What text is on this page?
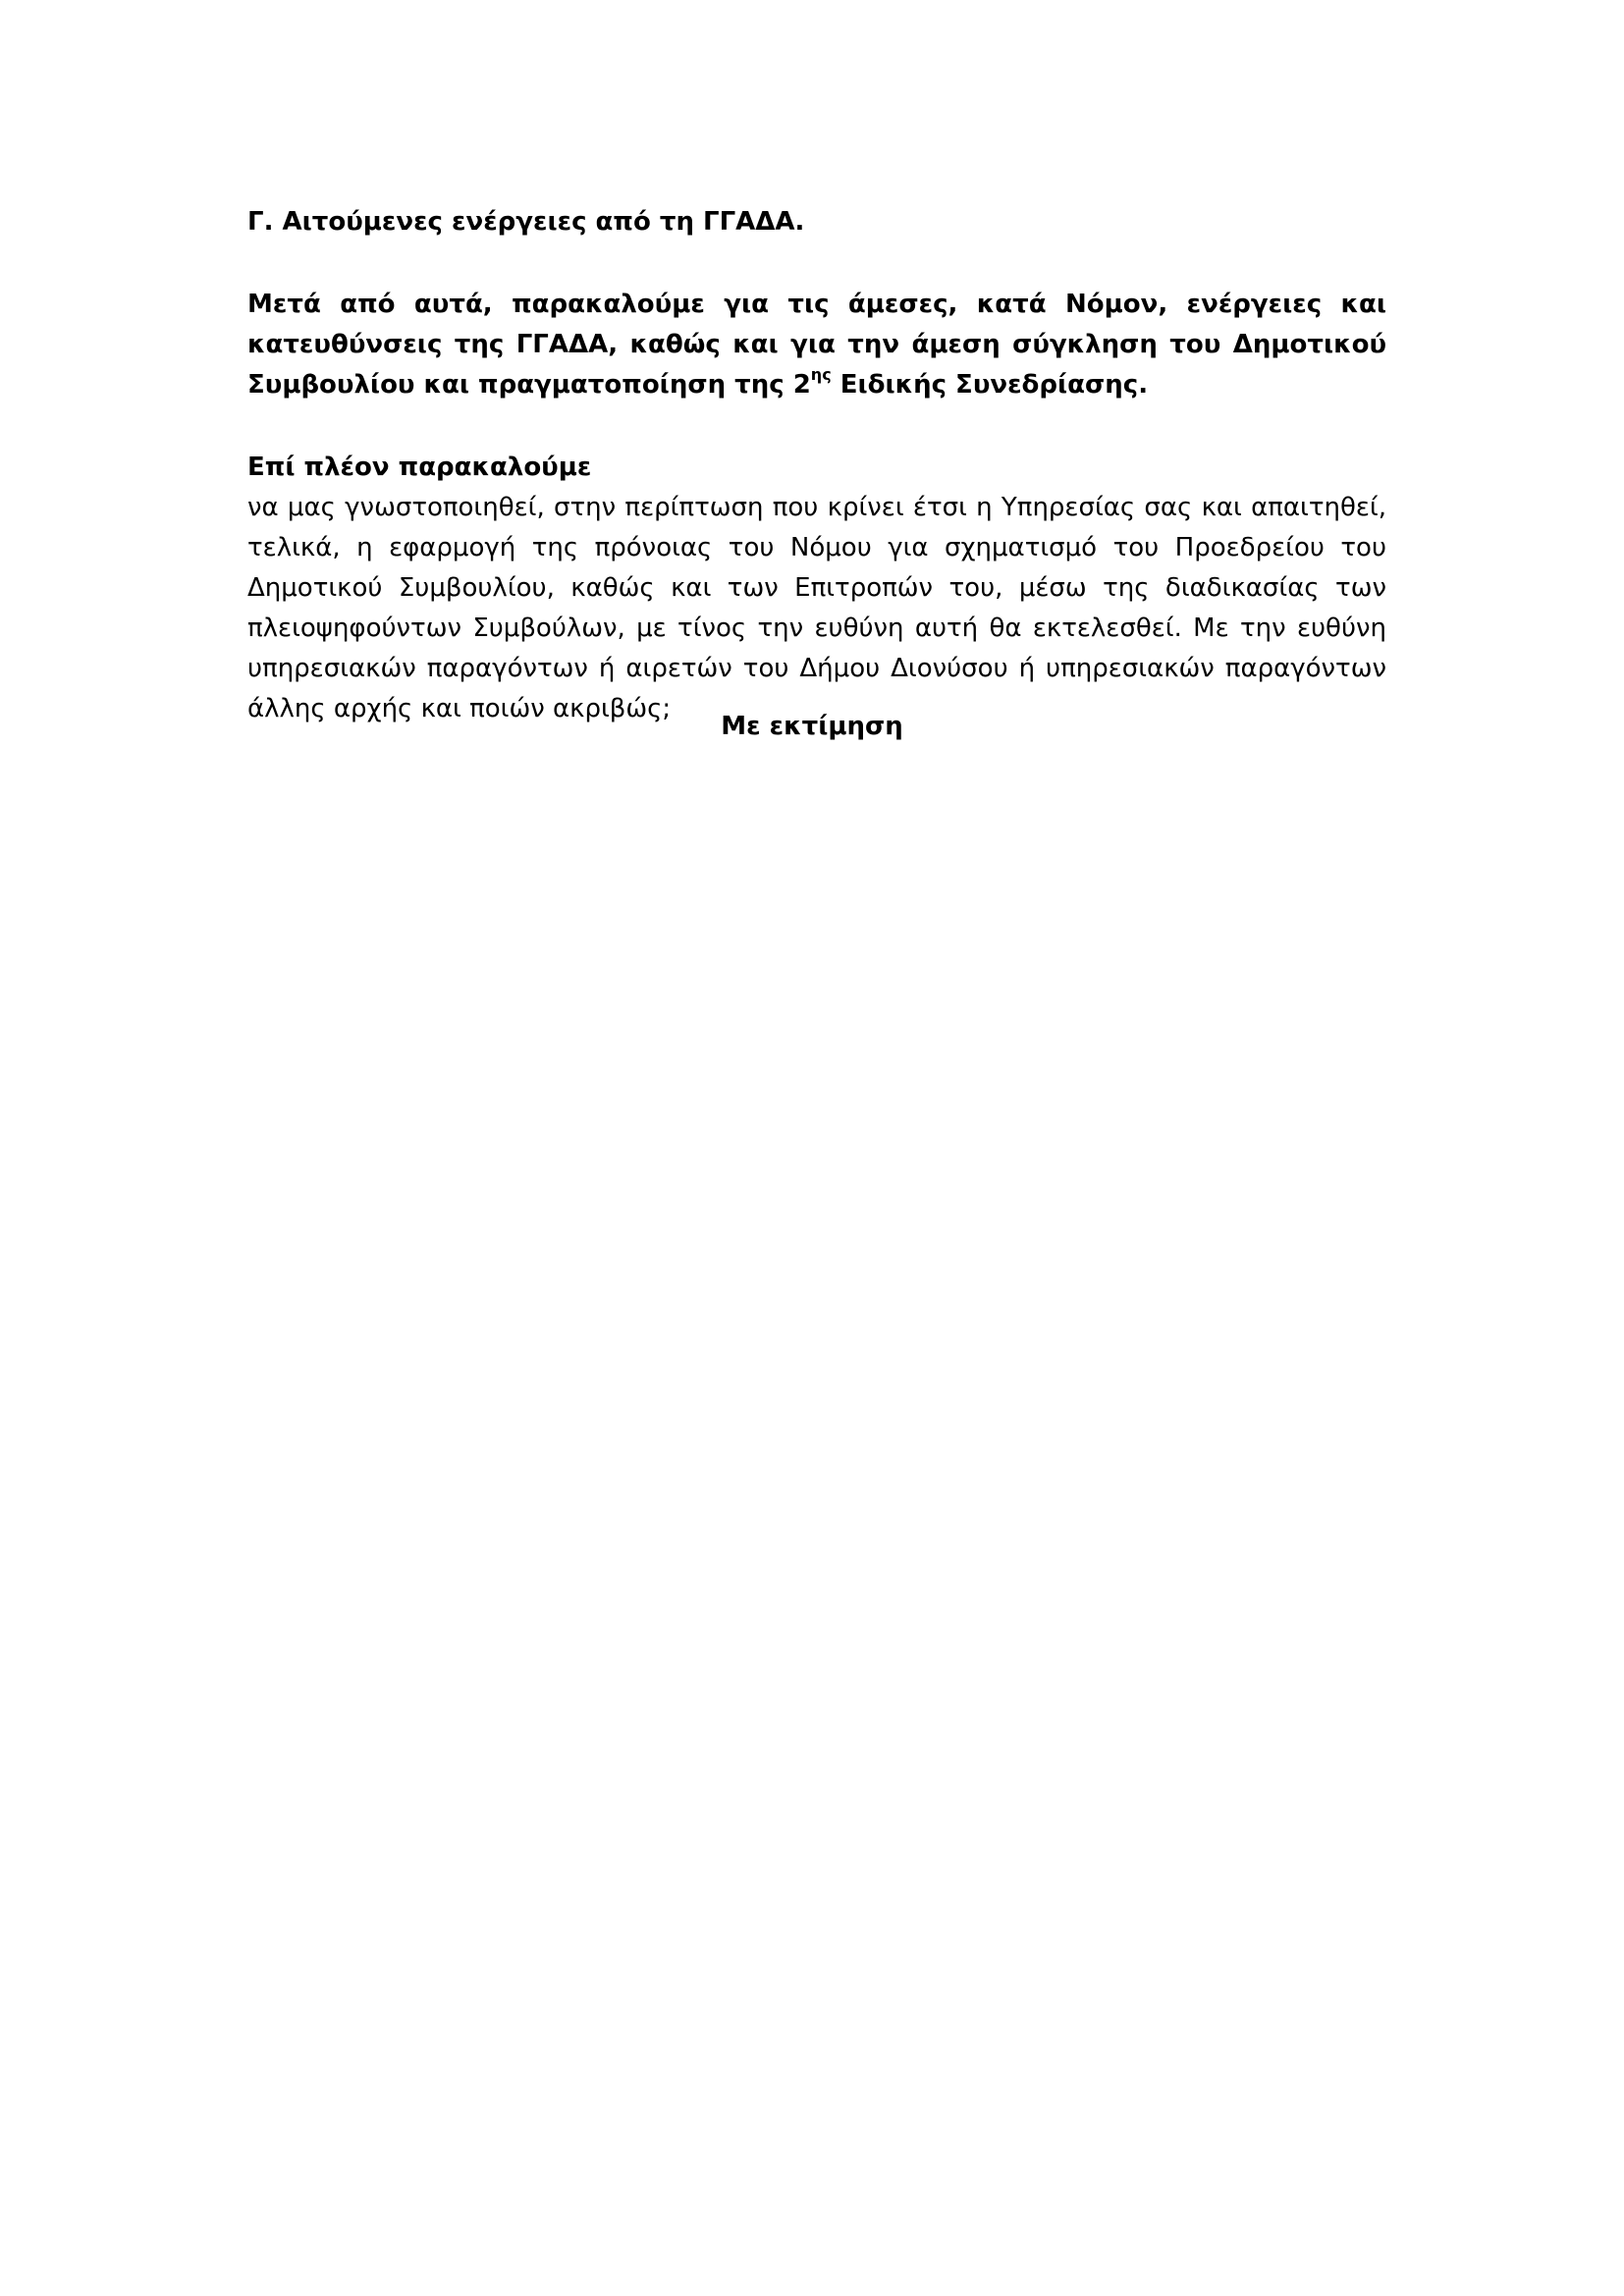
Γ. Αιτούμενες ενέργειες από τη ΓΓΑΔΑ.

Μετά από αυτά, παρακαλούμε για τις άμεσες, κατά Νόμον, ενέργειες και κατευθύνσεις της ΓΓΑΔΑ, καθώς και για την άμεση σύγκληση του Δημοτικού Συμβουλίου και πραγματοποίηση της $2^{\eta\varsigma}$ Ειδικής Συνεδρίασης.

Επί πλέον παρακαλούμε

να μας γνωστοποιηθεί, στην περίπτωση που κρίνει έτσι η Υπηρεσίας σας και απαιτηθεί, τελικά, η εφαρμογή της πρόνοιας του Νόμου για σχηματισμό του Προεδρείου του Δημοτικού Συμβουλίου, καθώς και των Επιτροπών του, μέσω της διαδικασίας των πλειοψηφούντων Συμβούλων, με τίνος την ευθύνη αυτή θα εκτελεσθεί. Με την ευθύνη υπηρεσιακών παραγόντων ή αιρετών του Δήμου Διονύσου ή υπηρεσιακών παραγόντων άλλης αρχής και ποιών ακριβώς;

Με εκτίμηση
